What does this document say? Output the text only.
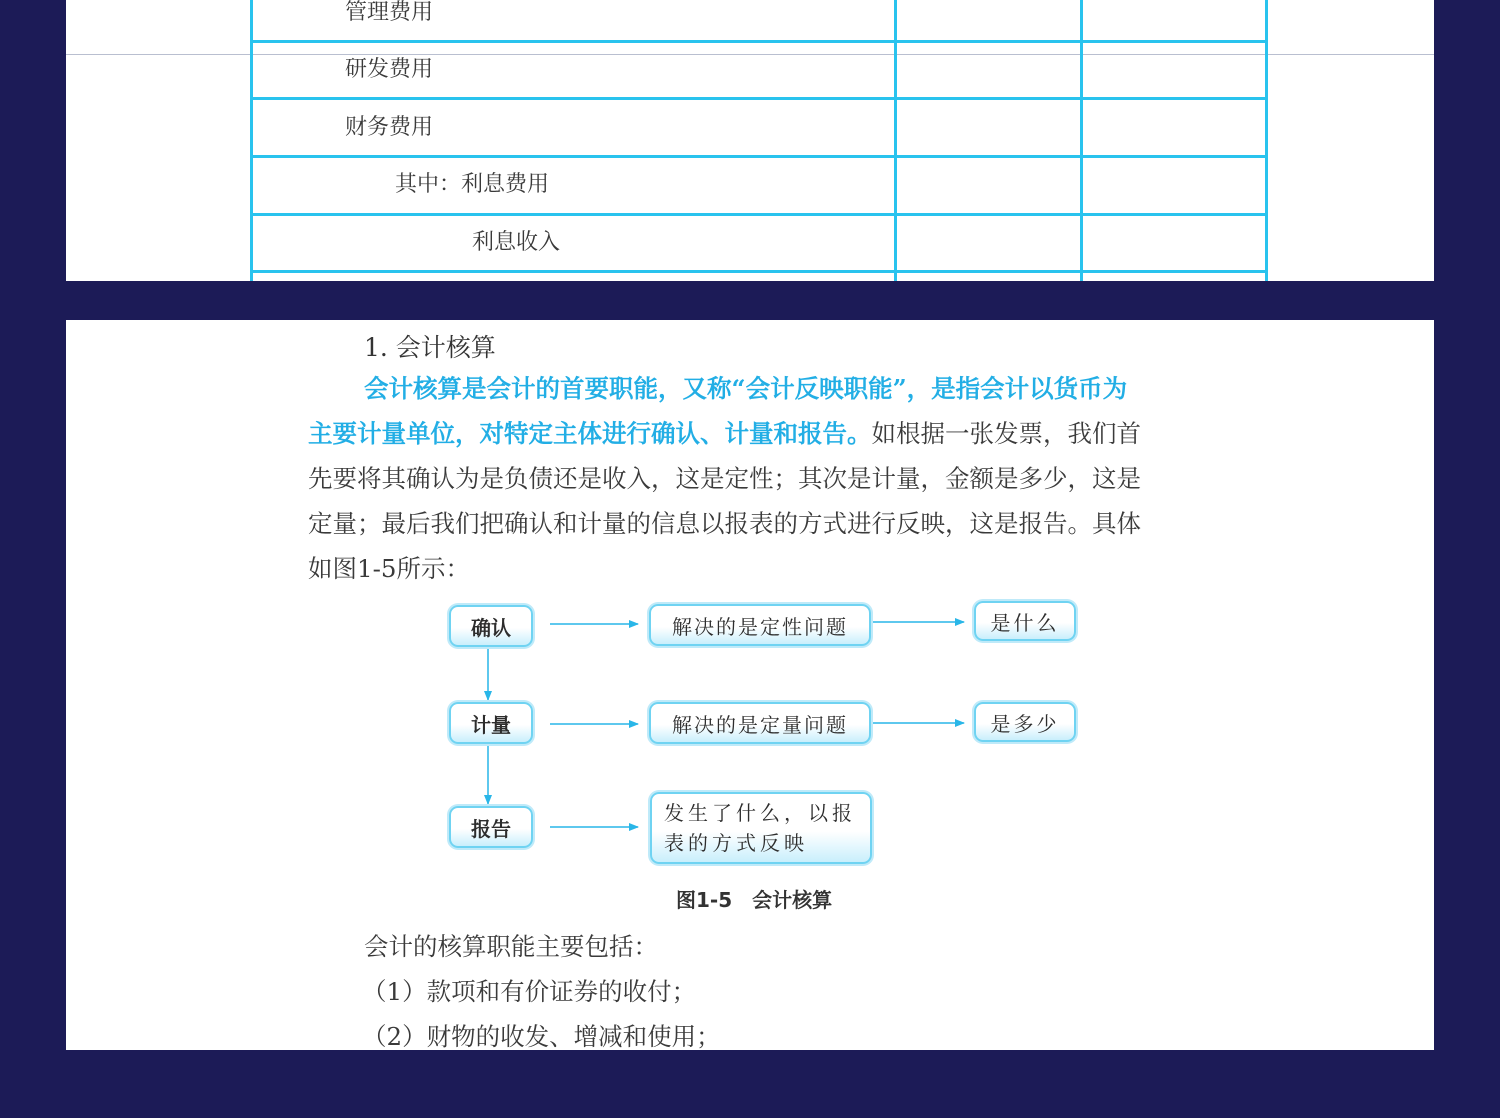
管理费用
研发费用
财务费用
其中：利息费用
利息收入
1. 会计核算
会计核算是会计的首要职能，又称“会计反映职能”，是指会计以货币为
主要计量单位，对特定主体进行确认、计量和报告。如根据一张发票，我们首
先要将其确认为是负债还是收入，这是定性；其次是计量，金额是多少，这是
定量；最后我们把确认和计量的信息以报表的方式进行反映，这是报告。具体
如图1-5所示：
确认
计量
报告
解决的是定性问题
解决的是定量问题
发生了什么，以报表的方式反映
是什么
是多少
图1-5　会计核算
会计的核算职能主要包括：
（1）款项和有价证券的收付；
（2）财物的收发、增减和使用；
